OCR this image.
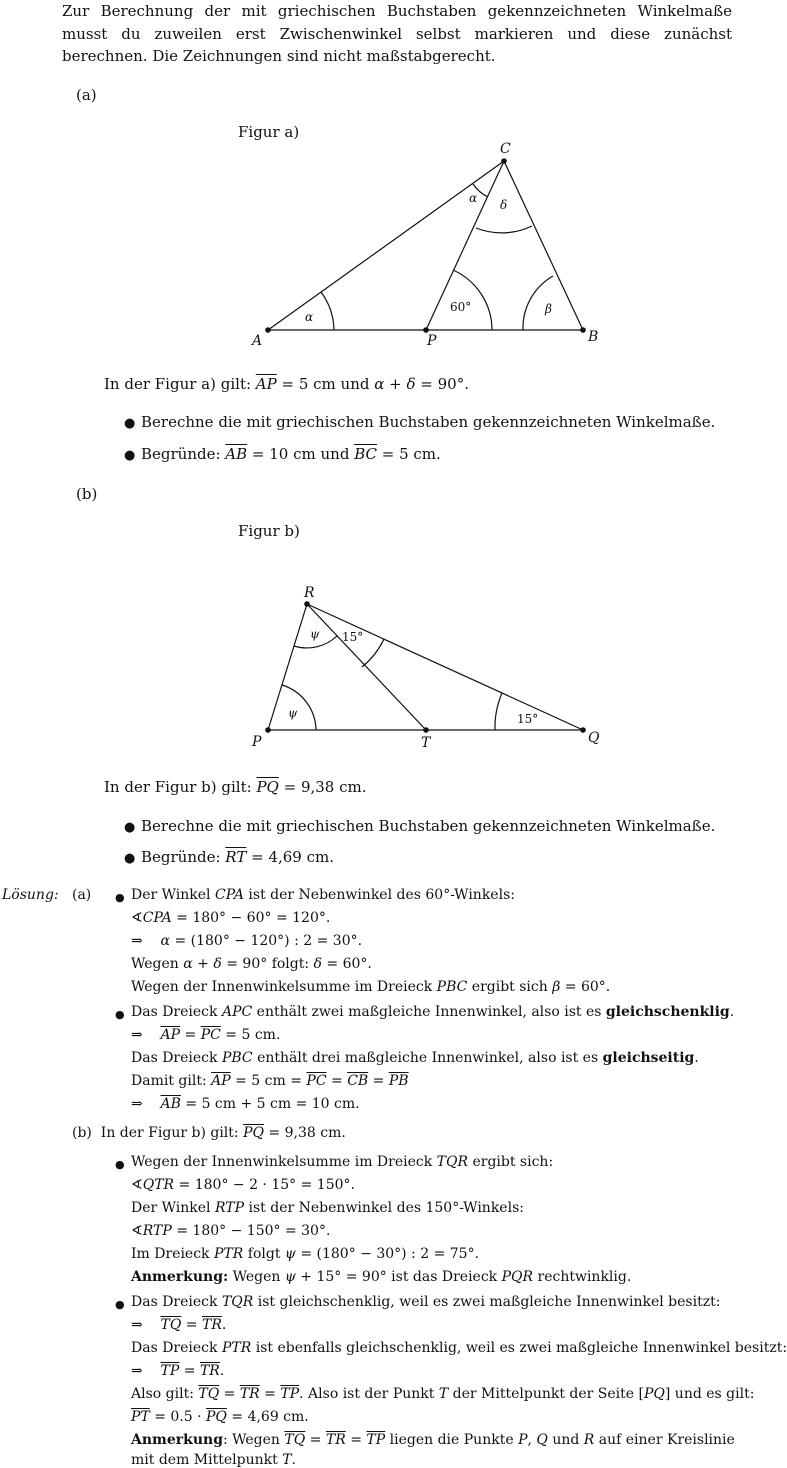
Zur Berechnung der mit griechischen Buchstaben gekennzeichneten Winkelmaße musst du zuweilen erst Zwischenwinkel selbst markieren und diese zunächst berechnen. Die Zeichnungen sind nicht maßstabgerecht.
(a)
Figur a)
A	P	B
C
α
α δ
β
60°
In der Figur a) gilt: $\overline{AP} = 5$ cm und α + δ = 90°.
● Berechne die mit griechischen Buchstaben gekennzeichneten Winkelmaße.
● Begründe: $\overline{AB} = 10$ cm und $\overline{BC} = 5$ cm.
(b)
Figur b)
P	T	Q
R
ψ
ψ
15°
15°
In der Figur b) gilt: $\overline{PQ} = 9,38$ cm.
● Berechne die mit griechischen Buchstaben gekennzeichneten Winkelmaße.
● Begründe: $\overline{RT} = 4,69$ cm.
Lösung: (a) ● Der Winkel CPA ist der Nebenwinkel des 60°-Winkels:
∢CPA = 180° − 60° = 120°.
⇒    α = (180° − 120°) : 2 = 30°.
Wegen α + δ = 90° folgt: δ = 60°.
Wegen der Innenwinkelsumme im Dreieck PBC ergibt sich β = 60°.
● Das Dreieck APC enthält zwei maßgleiche Innenwinkel, also ist es gleichschenklig.
⇒    $\overline{AP} = \overline{PC} = 5$ cm.
Das Dreieck PBC enthält drei maßgleiche Innenwinkel, also ist es gleichseitig.
Damit gilt: $\overline{AP} = 5$ cm = $\overline{PC} = \overline{CB} = \overline{PB}$
⇒    $\overline{AB} = 5$ cm + 5 cm = 10 cm.
(b)  In der Figur b) gilt: $\overline{PQ} = 9,38$ cm.
● Wegen der Innenwinkelsumme im Dreieck TQR ergibt sich:
∢QTR = 180° − 2 · 15° = 150°.
Der Winkel RTP ist der Nebenwinkel des 150°-Winkels:
∢RTP = 180° − 150° = 30°.
Im Dreieck PTR folgt ψ = (180° − 30°) : 2 = 75°.
Anmerkung: Wegen ψ + 15° = 90° ist das Dreieck PQR rechtwinklig.
● Das Dreieck TQR ist gleichschenklig, weil es zwei maßgleiche Innenwinkel besitzt:
⇒    $\overline{TQ} = \overline{TR}$.
Das Dreieck PTR ist ebenfalls gleichschenklig, weil es zwei maßgleiche Innenwinkel besitzt:
⇒    $\overline{TP} = \overline{TR}$.
Also gilt: $\overline{TQ} = \overline{TR} = \overline{TP}$. Also ist der Punkt T der Mittelpunkt der Seite [PQ] und es gilt:
$\overline{PT} = 0.5 \cdot \overline{PQ} = 4,69$ cm.
Anmerkung: Wegen $\overline{TQ} = \overline{TR} = \overline{TP}$ liegen die Punkte P, Q und R auf einer Kreislinie
mit dem Mittelpunkt T.
